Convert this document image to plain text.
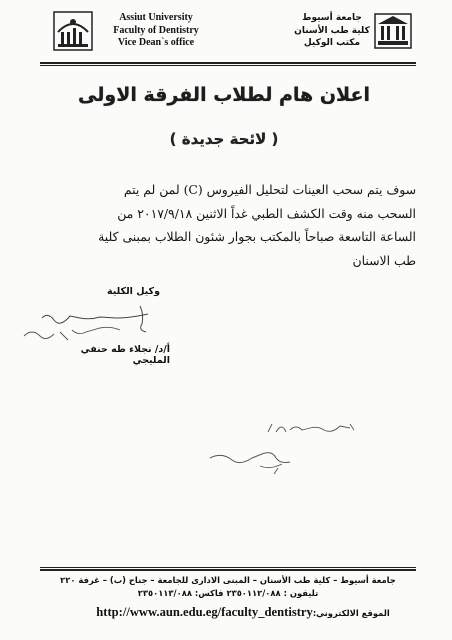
Assiut University
Faculty of Dentistry
Vice Dean`s office
جامعة أسيوط
كلية طب الأسنان
مكتب الوكيل
اعلان هام لطلاب الفرقة الاولى
( لائحة جديدة )
سوف يتم سحب العينات لتحليل الفيروس (C) لمن لم يتم
السحب منه وقت الكشف الطبي غداً الاثنين ٢٠١٧/٩/١٨ من
الساعة التاسعة صباحاً بالمكتب بجوار شئون الطلاب بمبنى كلية
طب الاسنان
وكيل الكلية
أ/د/ نجلاء طه حنفي المليجي
جامعة أسيوط – كلية طب الأسنان – المبنى الادارى للجامعة – جناح (ب) – غرفة ٢٢٠
تليفون : ٢٣٥٠١١٢/٠٨٨ فاكس: ٢٣٥٠١١٣/٠٨٨
الموقع الالكتروني:http://www.aun.edu.eg/faculty_dentistry
